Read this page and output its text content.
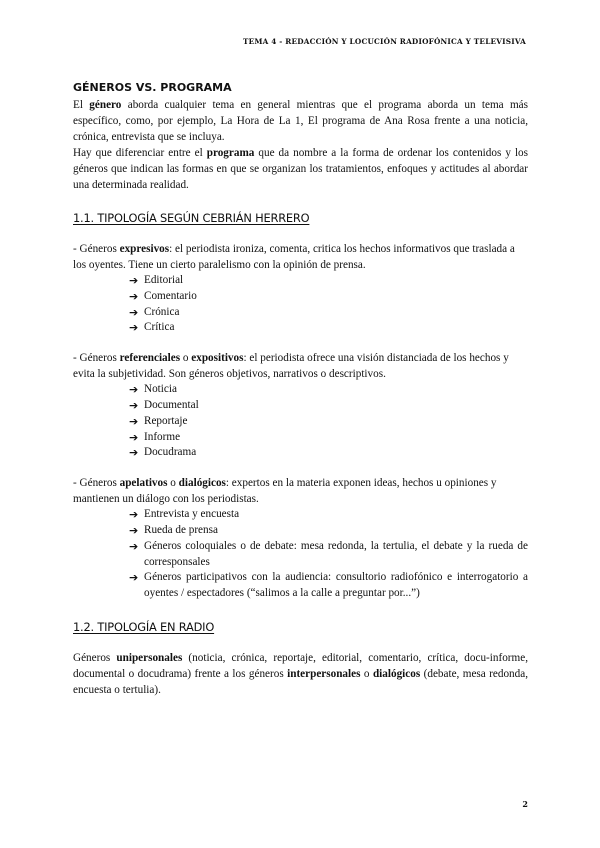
TEMA 4 - REDACCIÓN Y LOCUCIÓN RADIOFÓNICA Y TELEVISIVA
GÉNEROS VS. PROGRAMA

El género aborda cualquier tema en general mientras que el programa aborda un tema más específico, como, por ejemplo, La Hora de La 1, El programa de Ana Rosa frente a una noticia, crónica, entrevista que se incluya.

Hay que diferenciar entre el programa que da nombre a la forma de ordenar los contenidos y los géneros que indican las formas en que se organizan los tratamientos, enfoques y actitudes al abordar una determinada realidad.

1.1. TIPOLOGÍA SEGÚN CEBRIÁN HERRERO

- Géneros expresivos: el periodista ironiza, comenta, critica los hechos informativos que traslada a los oyentes. Tiene un cierto paralelismo con la opinión de prensa.

➔ Editorial
➔ Comentario
➔ Crónica
➔ Crítica

- Géneros referenciales o expositivos: el periodista ofrece una visión distanciada de los hechos y evita la subjetividad. Son géneros objetivos, narrativos o descriptivos.

➔ Noticia
➔ Documental
➔ Reportaje
➔ Informe
➔ Docudrama

- Géneros apelativos o dialógicos: expertos en la materia exponen ideas, hechos u opiniones y mantienen un diálogo con los periodistas.

➔ Entrevista y encuesta
➔ Rueda de prensa
➔ Géneros coloquiales o de debate: mesa redonda, la tertulia, el debate y la rueda de corresponsales
➔ Géneros participativos con la audiencia: consultorio radiofónico e interrogatorio a oyentes / espectadores (“salimos a la calle a preguntar por...”)
1.2. TIPOLOGÍA EN RADIO

Géneros unipersonales (noticia, crónica, reportaje, editorial, comentario, crítica, docu-informe, documental o docudrama) frente a los géneros interpersonales o dialógicos (debate, mesa redonda, encuesta o tertulia).

2
